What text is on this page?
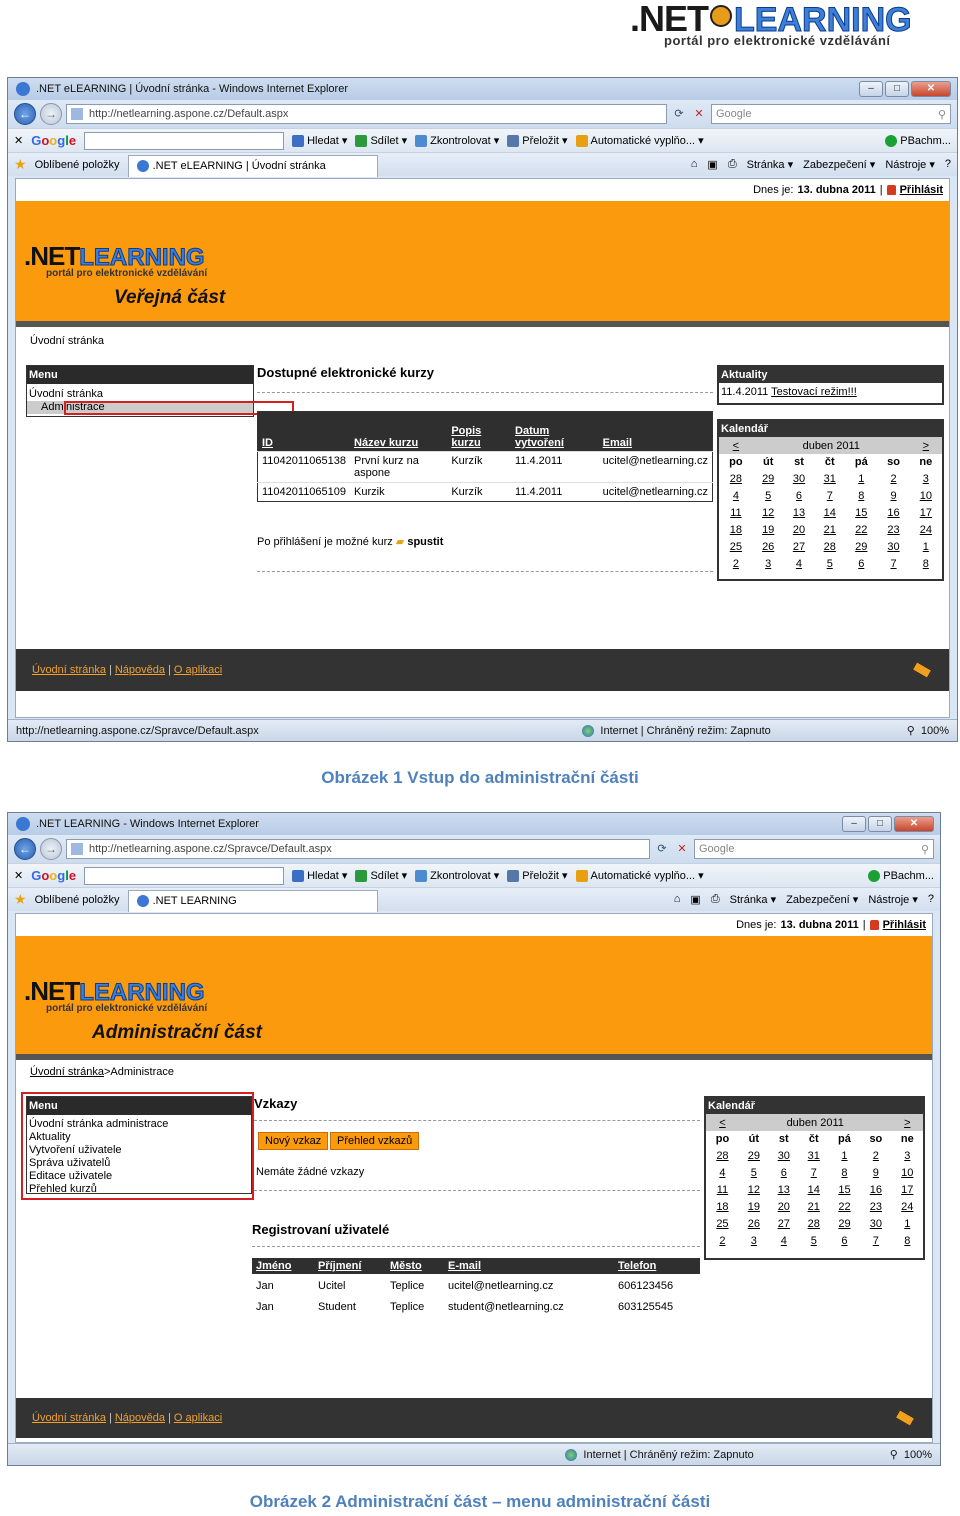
.NET LEARNING
portál pro elektronické vzdělávání
.NET eLEARNING | Úvodní stránka - Windows Internet Explorer	–	□	✕
←	→	http://netlearning.aspone.cz/Default.aspx	⟳ ✕	Google	⚲
✕ Google	Hledat ▾ Sdílet ▾ Zkontrolovat ▾ Přeložit ▾ Automatické vyplňo... ▾	PBachm...
★ Oblíbené položky	.NET eLEARNING | Úvodní stránka	⌂ ▣ ⎙ Stránka ▾ Zabezpečení ▾ Nástroje ▾ ?
Dnes je: 13. dubna 2011 | Přihlásit
.NETLEARNING
portál pro elektronické vzdělávání
Veřejná část
Úvodní stránka
Menu
Úvodní stránka
Administrace
Dostupné elektronické kurzy
ID	Název kurzu	Popis kurzu	Datum vytvoření	Email
11042011065138	První kurz na aspone	Kurzík	11.4.2011	ucitel@netlearning.cz
11042011065109	Kurzik	Kurzík	11.4.2011	ucitel@netlearning.cz
Po přihlášení je možné kurz ▰ spustit
Aktuality
11.4.2011 Testovací režim!!!
Kalendář
<	duben 2011					>
po	út	st	čt	pá	so	ne
28	29	30	31	1	2	3
4	5	6	7	8	9	10
11	12	13	14	15	16	17
18	19	20	21	22	23	24
25	26	27	28	29	30	1
2	3	4	5	6	7	8
Úvodní stránka | Nápověda | O aplikaci
http://netlearning.aspone.cz/Spravce/Default.aspx	Internet | Chráněný režim: Zapnuto	⚲ 100%
Obrázek 1 Vstup do administrační části
.NET LEARNING - Windows Internet Explorer	–	□	✕
←	→	http://netlearning.aspone.cz/Spravce/Default.aspx	⟳ ✕	Google	⚲
✕ Google	Hledat ▾ Sdílet ▾ Zkontrolovat ▾ Přeložit ▾ Automatické vyplňo... ▾	PBachm...
★ Oblíbené položky	.NET LEARNING	⌂ ▣ ⎙ Stránka ▾ Zabezpečení ▾ Nástroje ▾ ?
Dnes je: 13. dubna 2011 | Přihlásit
.NETLEARNING
portál pro elektronické vzdělávání
Administrační část
Úvodní stránka>Administrace
Menu
Úvodní stránka administrace
Aktuality
Vytvoření uživatele
Správa uživatelů
Editace uživatele
Přehled kurzů
Vzkazy
Nový vzkaz	Přehled vzkazů
Nemáte žádné vzkazy
Registrovaní uživatelé
Jméno	Příjmení	Město	E-mail	Telefon
Jan	Ucitel	Teplice	ucitel@netlearning.cz	606123456
Jan	Student	Teplice	student@netlearning.cz	603125545
Kalendář
<	duben 2011					>
po	út	st	čt	pá	so	ne
28	29	30	31	1	2	3
4	5	6	7	8	9	10
11	12	13	14	15	16	17
18	19	20	21	22	23	24
25	26	27	28	29	30	1
2	3	4	5	6	7	8
Úvodní stránka | Nápověda | O aplikaci
Internet | Chráněný režim: Zapnuto	⚲ 100%
Obrázek 2 Administrační část – menu administrační části
